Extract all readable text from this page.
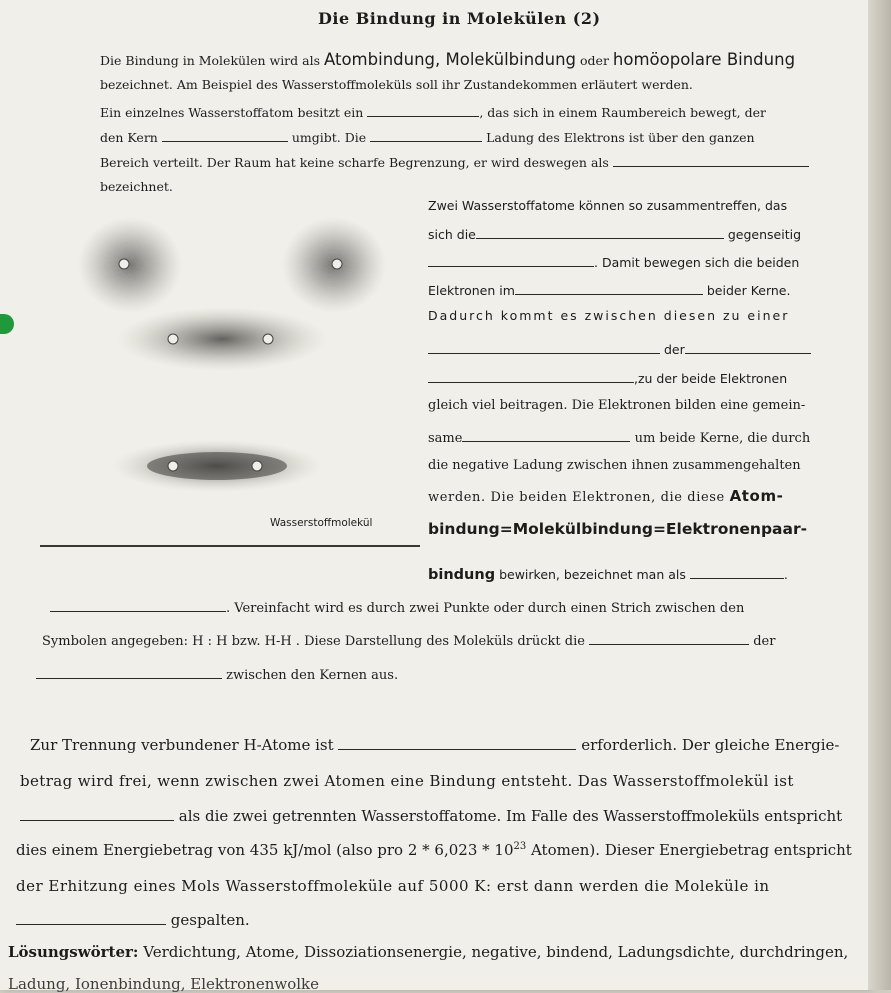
Die Bindung in Molekülen (2)
Die Bindung in Molekülen wird als Atombindung, Molekülbindung oder homöopolare Bindung
bezeichnet. Am Beispiel des Wasserstoffmoleküls soll ihr Zustandekommen erläutert werden.
Ein einzelnes Wasserstoffatom besitzt ein	, das sich in einem Raumbereich bewegt, der
den Kern	umgibt. Die	Ladung des Elektrons ist über den ganzen
Bereich verteilt. Der Raum hat keine scharfe Begrenzung, er wird deswegen als
bezeichnet.
Wasserstoffmolekül
Zwei Wasserstoffatome können so zusammentreffen, das
sich die	gegenseitig
. Damit bewegen sich die beiden
Elektronen im	beider Kerne.
Dadurch kommt es zwischen diesen zu einer
der
,zu der beide Elektronen
gleich viel beitragen. Die Elektronen bilden eine gemein-
same	um beide Kerne, die durch
die negative Ladung zwischen ihnen zusammengehalten
werden. Die beiden Elektronen, die diese Atom-
bindung=Molekülbindung=Elektronenpaar-
bindung bewirken, bezeichnet man als	.
. Vereinfacht wird es durch zwei Punkte oder durch einen Strich zwischen den
Symbolen angegeben: H : H bzw. H-H . Diese Darstellung des Moleküls drückt die	der
zwischen den Kernen aus.
Zur Trennung verbundener H-Atome ist	erforderlich. Der gleiche Energie-
betrag wird frei, wenn zwischen zwei Atomen eine Bindung entsteht. Das Wasserstoffmolekül ist
als die zwei getrennten Wasserstoffatome. Im Falle des Wasserstoffmoleküls entspricht
dies einem Energiebetrag von 435 kJ/mol (also pro $2 * 6,023 * 10^{23}$ Atomen). Dieser Energiebetrag entspricht
der Erhitzung eines Mols Wasserstoffmoleküle auf 5000 K: erst dann werden die Moleküle in
gespalten.
Lösungswörter: Verdichtung, Atome, Dissoziationsenergie, negative, bindend, Ladungsdichte, durchdringen,
Ladung, Ionenbindung, Elektronenwolke
